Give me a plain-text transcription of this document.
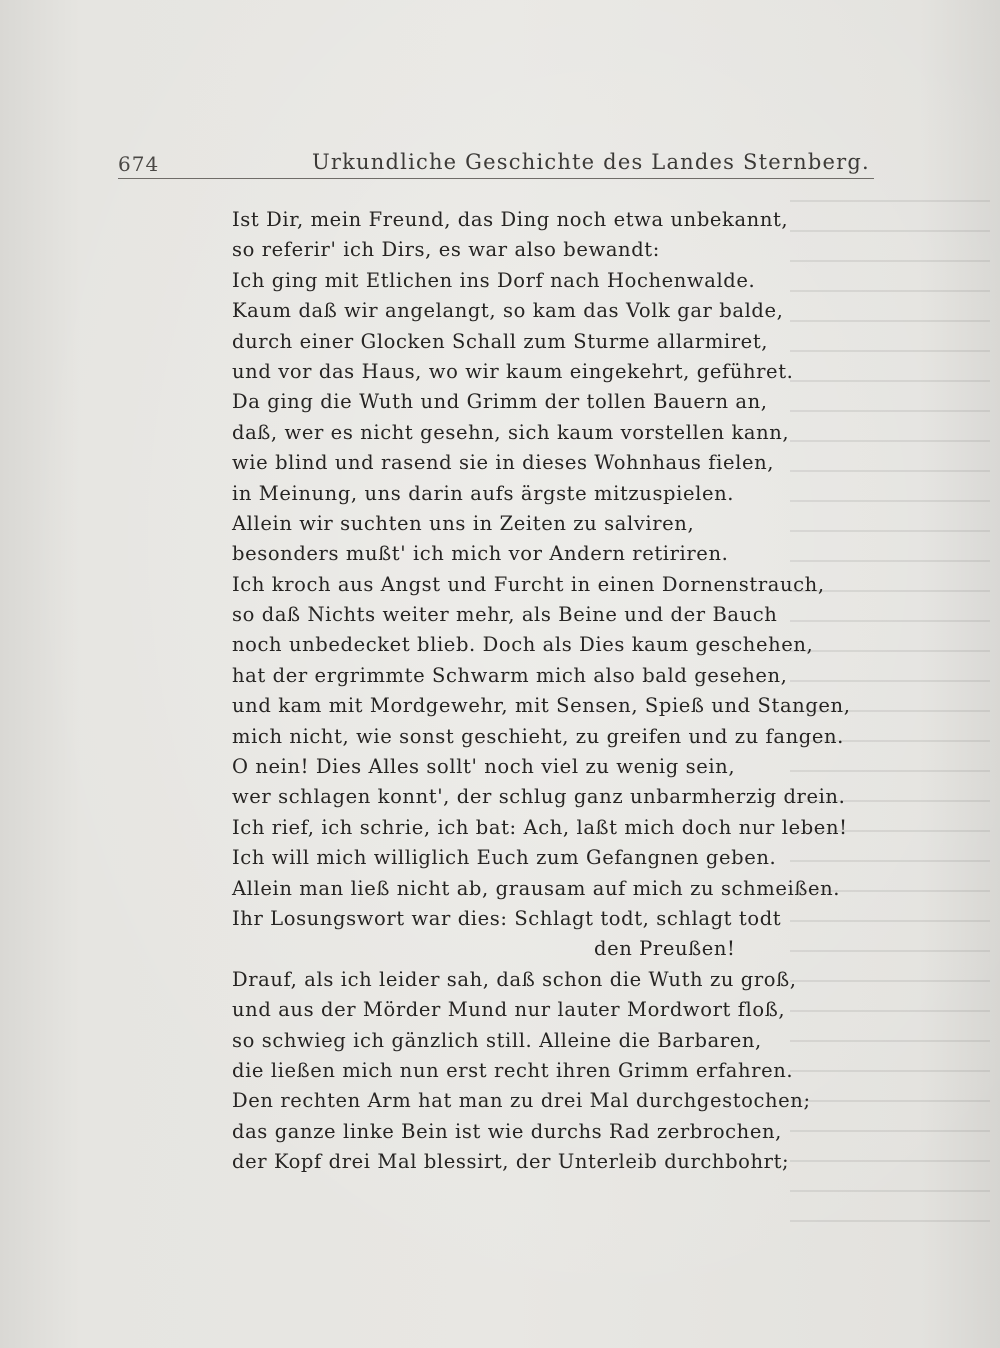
674	Urkundliche Geschichte des Landes Sternberg.
Ist Dir, mein Freund, das Ding noch etwa unbekannt,
so referir' ich Dirs, es war also bewandt:
Ich ging mit Etlichen ins Dorf nach Hochenwalde.
Kaum daß wir angelangt, so kam das Volk gar balde,
durch einer Glocken Schall zum Sturme allarmiret,
und vor das Haus, wo wir kaum eingekehrt, geführet.
Da ging die Wuth und Grimm der tollen Bauern an,
daß, wer es nicht gesehn, sich kaum vorstellen kann,
wie blind und rasend sie in dieses Wohnhaus fielen,
in Meinung, uns darin aufs ärgste mitzuspielen.
Allein wir suchten uns in Zeiten zu salviren,
besonders mußt' ich mich vor Andern retiriren.
Ich kroch aus Angst und Furcht in einen Dornenstrauch,
so daß Nichts weiter mehr, als Beine und der Bauch
noch unbedecket blieb. Doch als Dies kaum geschehen,
hat der ergrimmte Schwarm mich also bald gesehen,
und kam mit Mordgewehr, mit Sensen, Spieß und Stangen,
mich nicht, wie sonst geschieht, zu greifen und zu fangen.
O nein! Dies Alles sollt' noch viel zu wenig sein,
wer schlagen konnt', der schlug ganz unbarmherzig drein.
Ich rief, ich schrie, ich bat: Ach, laßt mich doch nur leben!
Ich will mich williglich Euch zum Gefangnen geben.
Allein man ließ nicht ab, grausam auf mich zu schmeißen.
Ihr Losungswort war dies: Schlagt todt, schlagt todt
den Preußen!
Drauf, als ich leider sah, daß schon die Wuth zu groß,
und aus der Mörder Mund nur lauter Mordwort floß,
so schwieg ich gänzlich still. Alleine die Barbaren,
die ließen mich nun erst recht ihren Grimm erfahren.
Den rechten Arm hat man zu drei Mal durchgestochen;
das ganze linke Bein ist wie durchs Rad zerbrochen,
der Kopf drei Mal blessirt, der Unterleib durchbohrt;
